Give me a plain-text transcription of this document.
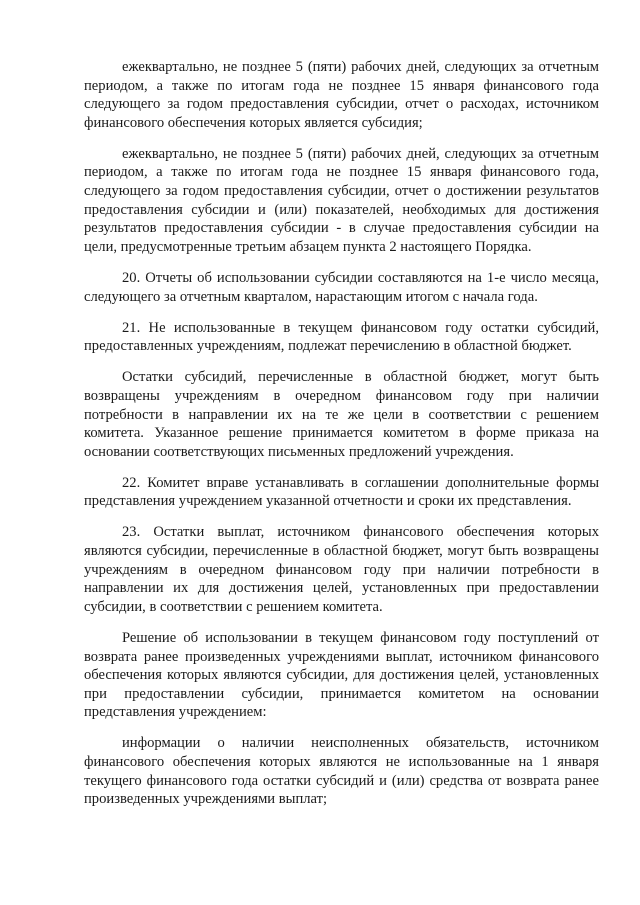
ежеквартально, не позднее 5 (пяти) рабочих дней, следующих за отчетным периодом, а также по итогам года не позднее 15 января финансового года следующего за годом предоставления субсидии, отчет о расходах, источником финансового обеспечения которых является субсидия;

ежеквартально, не позднее 5 (пяти) рабочих дней, следующих за отчетным периодом, а также по итогам года не позднее 15 января финансового года, следующего за годом предоставления субсидии, отчет о достижении результатов предоставления субсидии и (или) показателей, необходимых для достижения результатов предоставления субсидии - в случае предоставления субсидии на цели, предусмотренные третьим абзацем пункта 2 настоящего Порядка.

20. Отчеты об использовании субсидии составляются на 1-е число месяца, следующего за отчетным кварталом, нарастающим итогом с начала года.

21. Не использованные в текущем финансовом году остатки субсидий, предоставленных учреждениям, подлежат перечислению в областной бюджет.

Остатки субсидий, перечисленные в областной бюджет, могут быть возвращены учреждениям в очередном финансовом году при наличии потребности в направлении их на те же цели в соответствии с решением комитета. Указанное решение принимается комитетом в форме приказа на основании соответствующих письменных предложений учреждения.

22. Комитет вправе устанавливать в соглашении дополнительные формы представления учреждением указанной отчетности и сроки их представления.

23. Остатки выплат, источником финансового обеспечения которых являются субсидии, перечисленные в областной бюджет, могут быть возвращены учреждениям в очередном финансовом году при наличии потребности в направлении их для достижения целей, установленных при предоставлении субсидии, в соответствии с решением комитета.

Решение об использовании в текущем финансовом году поступлений от возврата ранее произведенных учреждениями выплат, источником финансового обеспечения которых являются субсидии, для достижения целей, установленных при предоставлении субсидии, принимается комитетом на основании представления учреждением:

информации о наличии неисполненных обязательств, источником финансового обеспечения которых являются не использованные на 1 января текущего финансового года остатки субсидий и (или) средства от возврата ранее произведенных учреждениями выплат;
